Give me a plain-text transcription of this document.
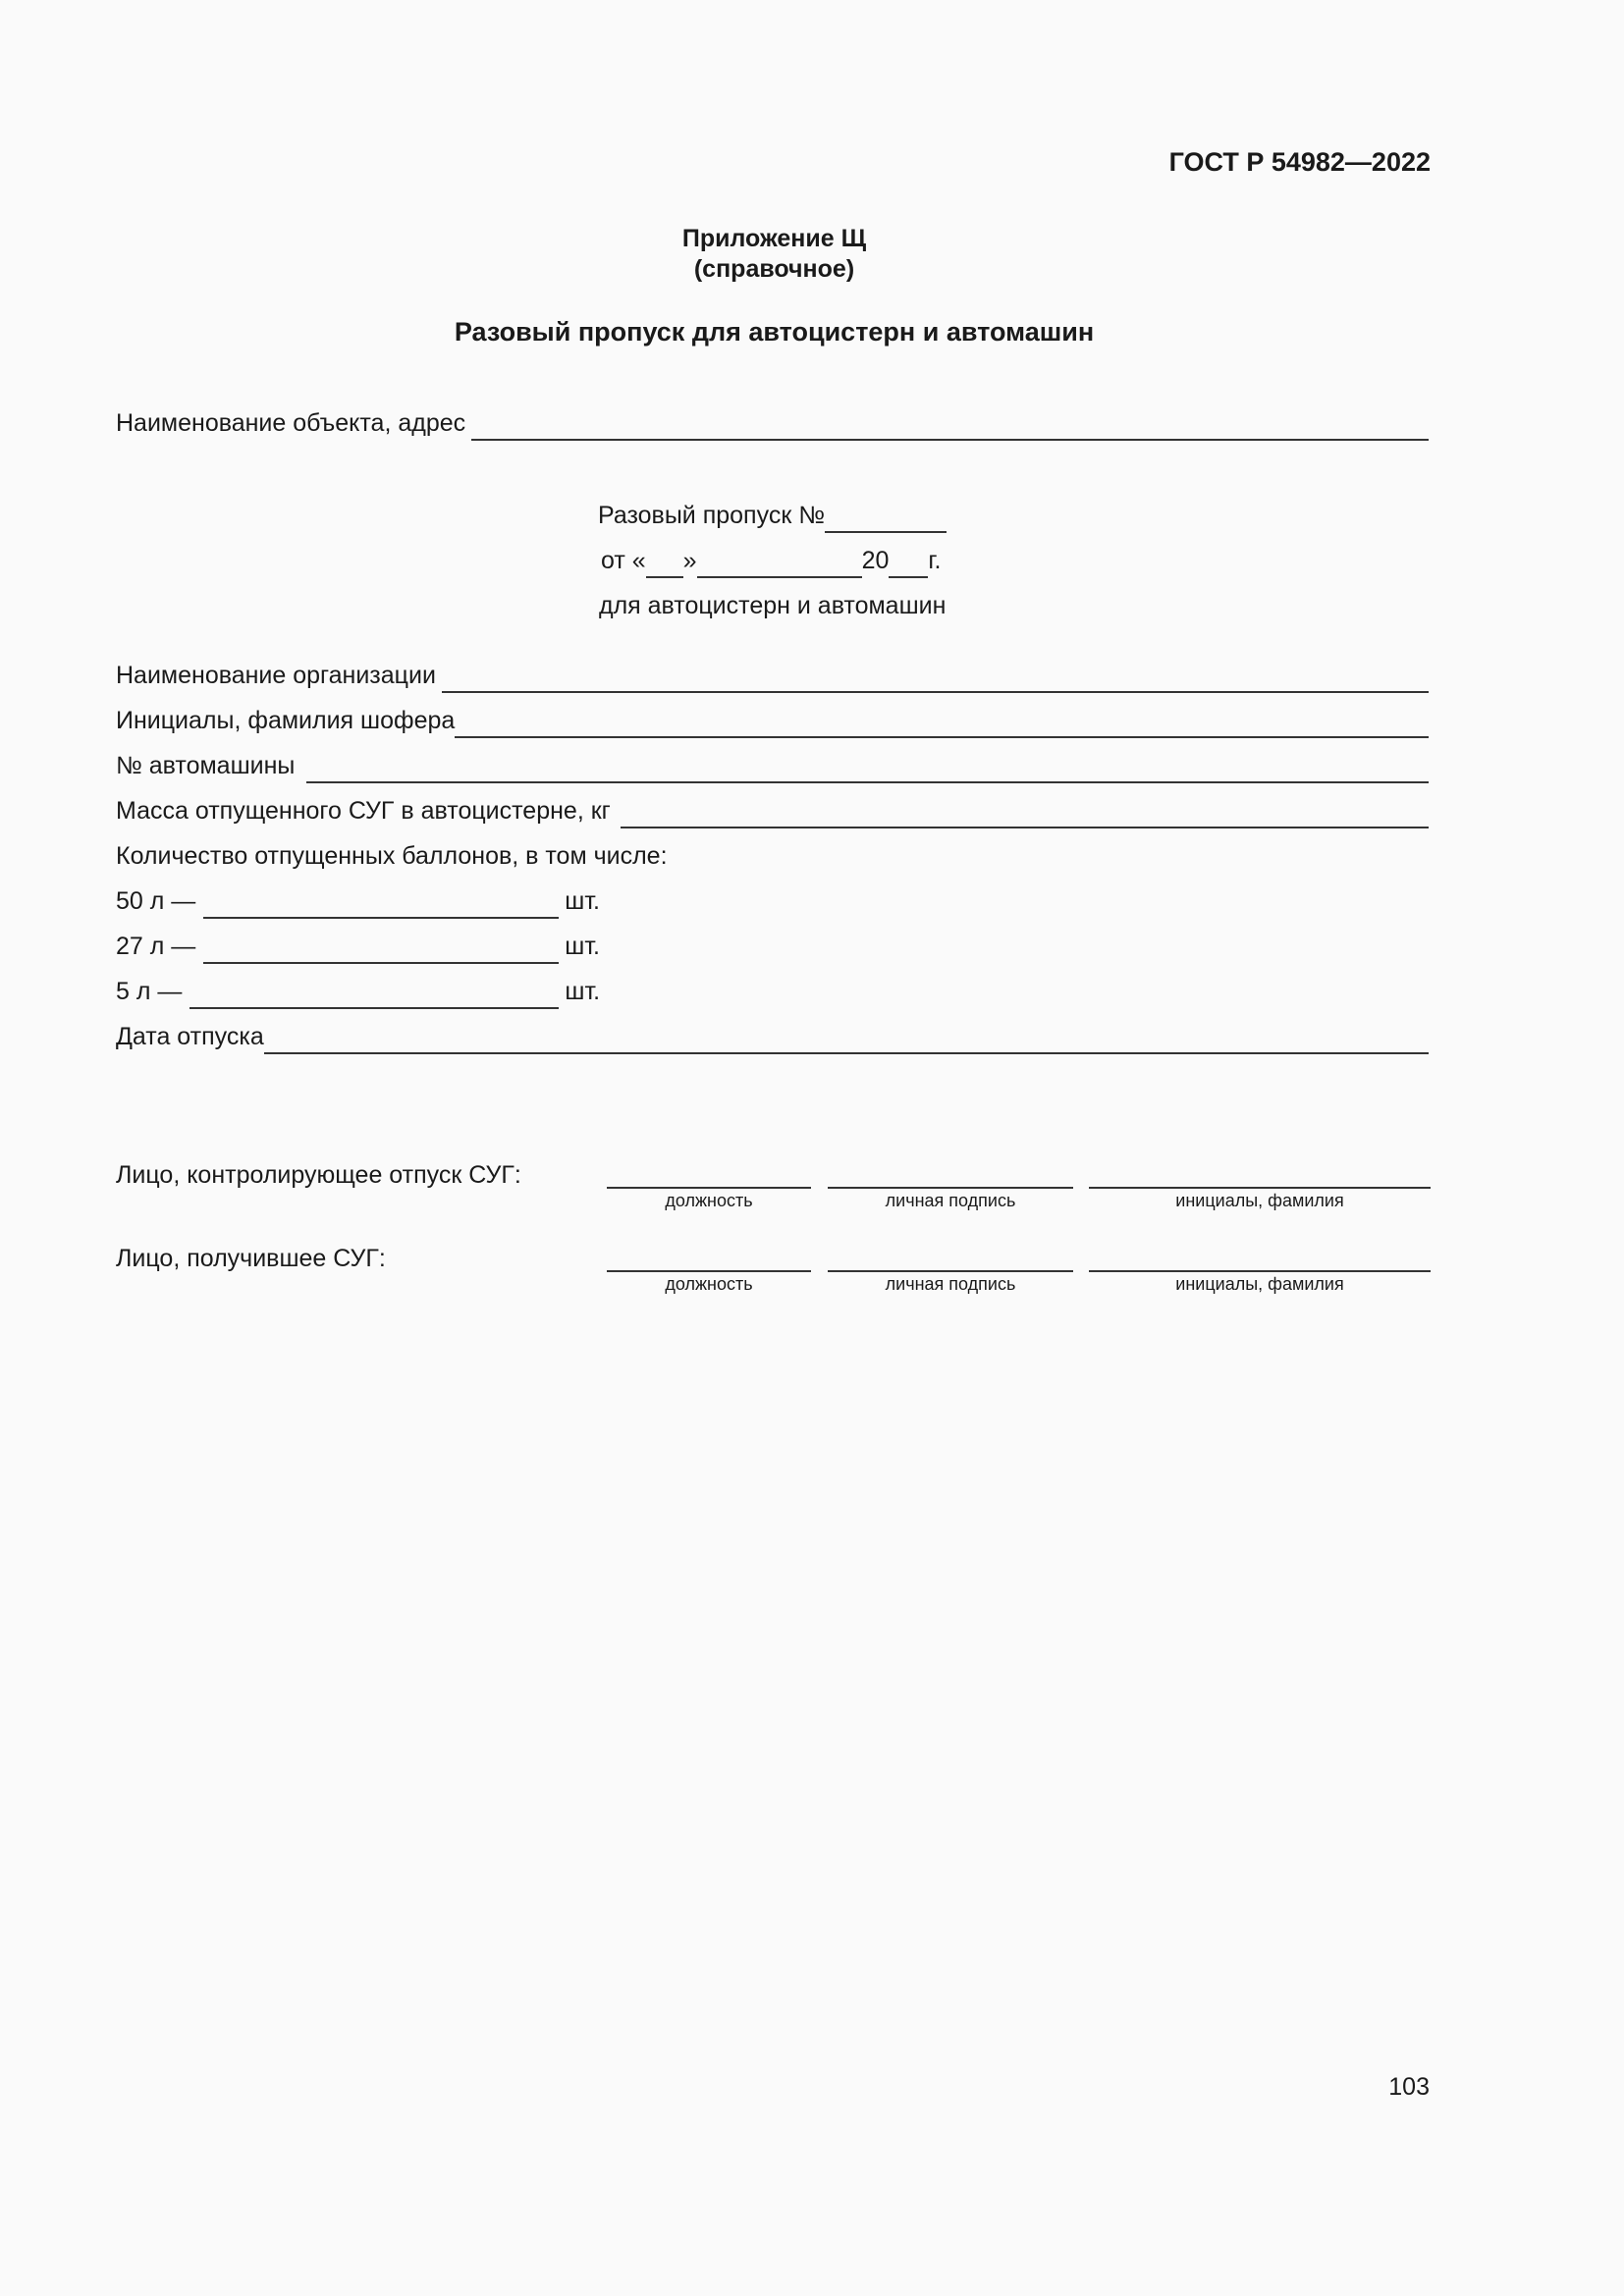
ГОСТ Р 54982—2022
Приложение Щ
(справочное)
Разовый пропуск для автоцистерн и автомашин
Наименование объекта, адрес
Разовый пропуск №
от « »	20 г.
для автоцистерн и автомашин
Наименование организации
Инициалы, фамилия шофера
№ автомашины
Масса отпущенного СУГ в автоцистерне, кг
Количество отпущенных баллонов, в том числе:
50 л —	шт.
27 л —	шт.
5 л —	шт.
Дата отпуска
Лицо, контролирующее отпуск СУГ:
должность	личная подпись	инициалы, фамилия
Лицо, получившее СУГ:
должность	личная подпись	инициалы, фамилия
103
